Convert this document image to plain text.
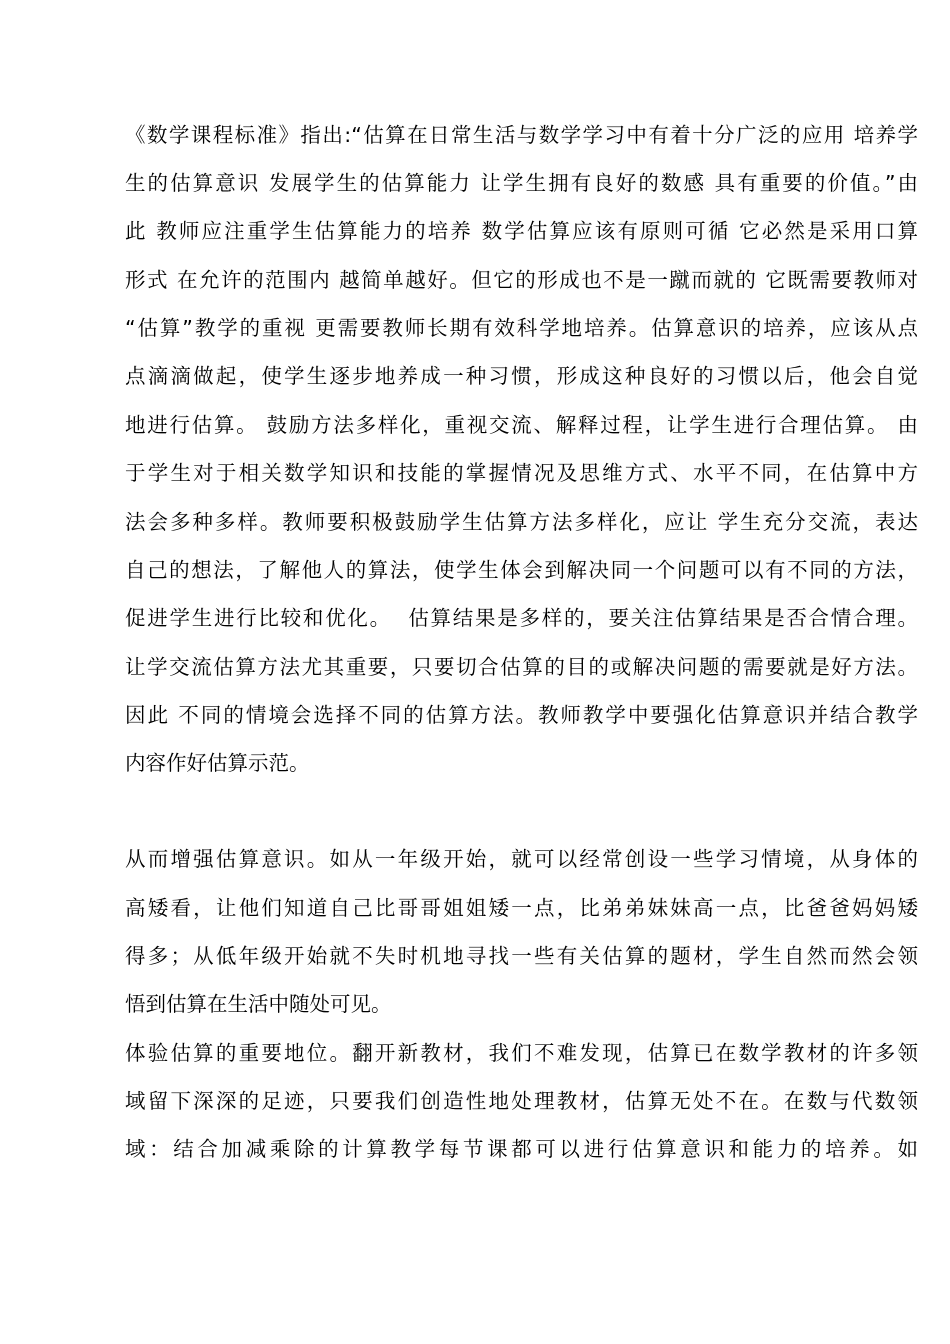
《数学课程标准》指出:“估算在日常生活与数学学习中有着十分广泛的应用 培养学
生的估算意识 发展学生的估算能力 让学生拥有良好的数感 具有重要的价值。”由
此 教师应注重学生估算能力的培养 数学估算应该有原则可循 它必然是采用口算
形式 在允许的范围内 越简单越好。但它的形成也不是一蹴而就的 它既需要教师对
“估算”教学的重视 更需要教师长期有效科学地培养。估算意识的培养，应该从点
点滴滴做起，使学生逐步地养成一种习惯，形成这种良好的习惯以后，他会自觉
地进行估算。 鼓励方法多样化，重视交流、解释过程，让学生进行合理估算。 由
于学生对于相关数学知识和技能的掌握情况及思维方式、水平不同，在估算中方
法会多种多样。教师要积极鼓励学生估算方法多样化，应让 学生充分交流，表达
自己的想法，了解他人的算法，使学生体会到解决同一个问题可以有不同的方法，
促进学生进行比较和优化。  估算结果是多样的，要关注估算结果是否合情合理。
让学交流估算方法尤其重要，只要切合估算的目的或解决问题的需要就是好方法。
因此 不同的情境会选择不同的估算方法。教师教学中要强化估算意识并结合教学
内容作好估算示范。
从而增强估算意识。如从一年级开始，就可以经常创设一些学习情境，从身体的
高矮看，让他们知道自己比哥哥姐姐矮一点，比弟弟妹妹高一点，比爸爸妈妈矮
得多；从低年级开始就不失时机地寻找一些有关估算的题材，学生自然而然会领
悟到估算在生活中随处可见。
体验估算的重要地位。翻开新教材，我们不难发现，估算已在数学教材的许多领
域留下深深的足迹，只要我们创造性地处理教材，估算无处不在。在数与代数领
域：结合加减乘除的计算教学每节课都可以进行估算意识和能力的培养。如
